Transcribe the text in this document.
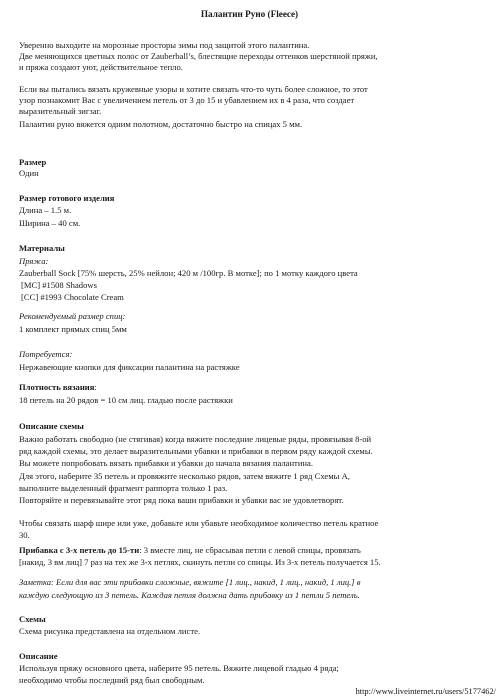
Палантин Руно (Fleece)
Уверенно выходите на морозные просторы зимы под защитой этого палантина.
Две меняющихся цветных полос от Zauberball’s, блестящие переходы оттенков шерстяной пряжи,
и пряжа создают уют, действительное тепло.
Если вы пытались вязать кружевные узоры и хотите связать что-то чуть более сложное, то этот
узор познакомит Вас с увеличением петель от 3 до 15 и убавлением их в 4 раза, что создает
выразительный зигзаг.
Палантин руно вяжется одним полотном, достаточно быстро на спицах 5 мм.
Размер
Один
Размер готового изделия
Длина – 1.5 м.
Ширина – 40 см.
Материалы
Пряжа:
Zauberball Sock [75% шерсть, 25% нейлон; 420 м /100гр. В мотке]; по 1 мотку каждого цвета
[MC] #1508 Shadows
[CC] #1993 Chocolate Cream
Рекомендуемый размер спиц:
1 комплект прямых спиц 5мм
Потребуется:
Нержавеющие кнопки для фиксации палантина на растяжке
Плотность вязания:
18 петель на 20 рядов = 10 см лиц. гладью после растяжки
Описание схемы
Важно работать свободно (не стягивая) когда вяжите последние лицевые ряды, провязывая 8-ой
ряд каждой схемы, это делает выразительными убавки и прибавки в первом ряду каждой схемы.
Вы можете попробовать вязать прибавки и убавки до начала вязания палантина.
Для этого, наберите 35 петель и провяжите несколько рядов, затем вяжите 1 ряд Схемы А,
выполните выделенный фрагмент раппорта только 1 раз.
Повторяйте и перевязывайте этот ряд пока ваши прибавки и убавки вас не удовлетворят.
Чтобы связать шарф шире или уже, добавьте или убавьте необходимое количество петель кратное
30.
Прибавка с 3-х петель до 15-ти: 3 вместе лиц, не сбрасывая петли с левой спицы, провязать
[накид, 3 вм лиц] 7 раз на тех же 3-х петлях, скинуть петли со спицы. Из 3-х петель получается 15.
Заметка: Если для вас эти прибавки сложные, вяжите [1 лиц., накид, 1 лиц., накид, 1 лиц.] в
каждую следующую из 3 петель. Каждая петля должна дать прибавку из 1 петли 5 петель.
Схемы
Схема рисунка представлена на отдельном листе.
Описание
Используя пряжу основного цвета, наберите 95 петель. Вяжите лицевой гладью 4 ряда;
необходимо чтобы последний ряд был свободным.
http://www.liveinternet.ru/users/5177462/
